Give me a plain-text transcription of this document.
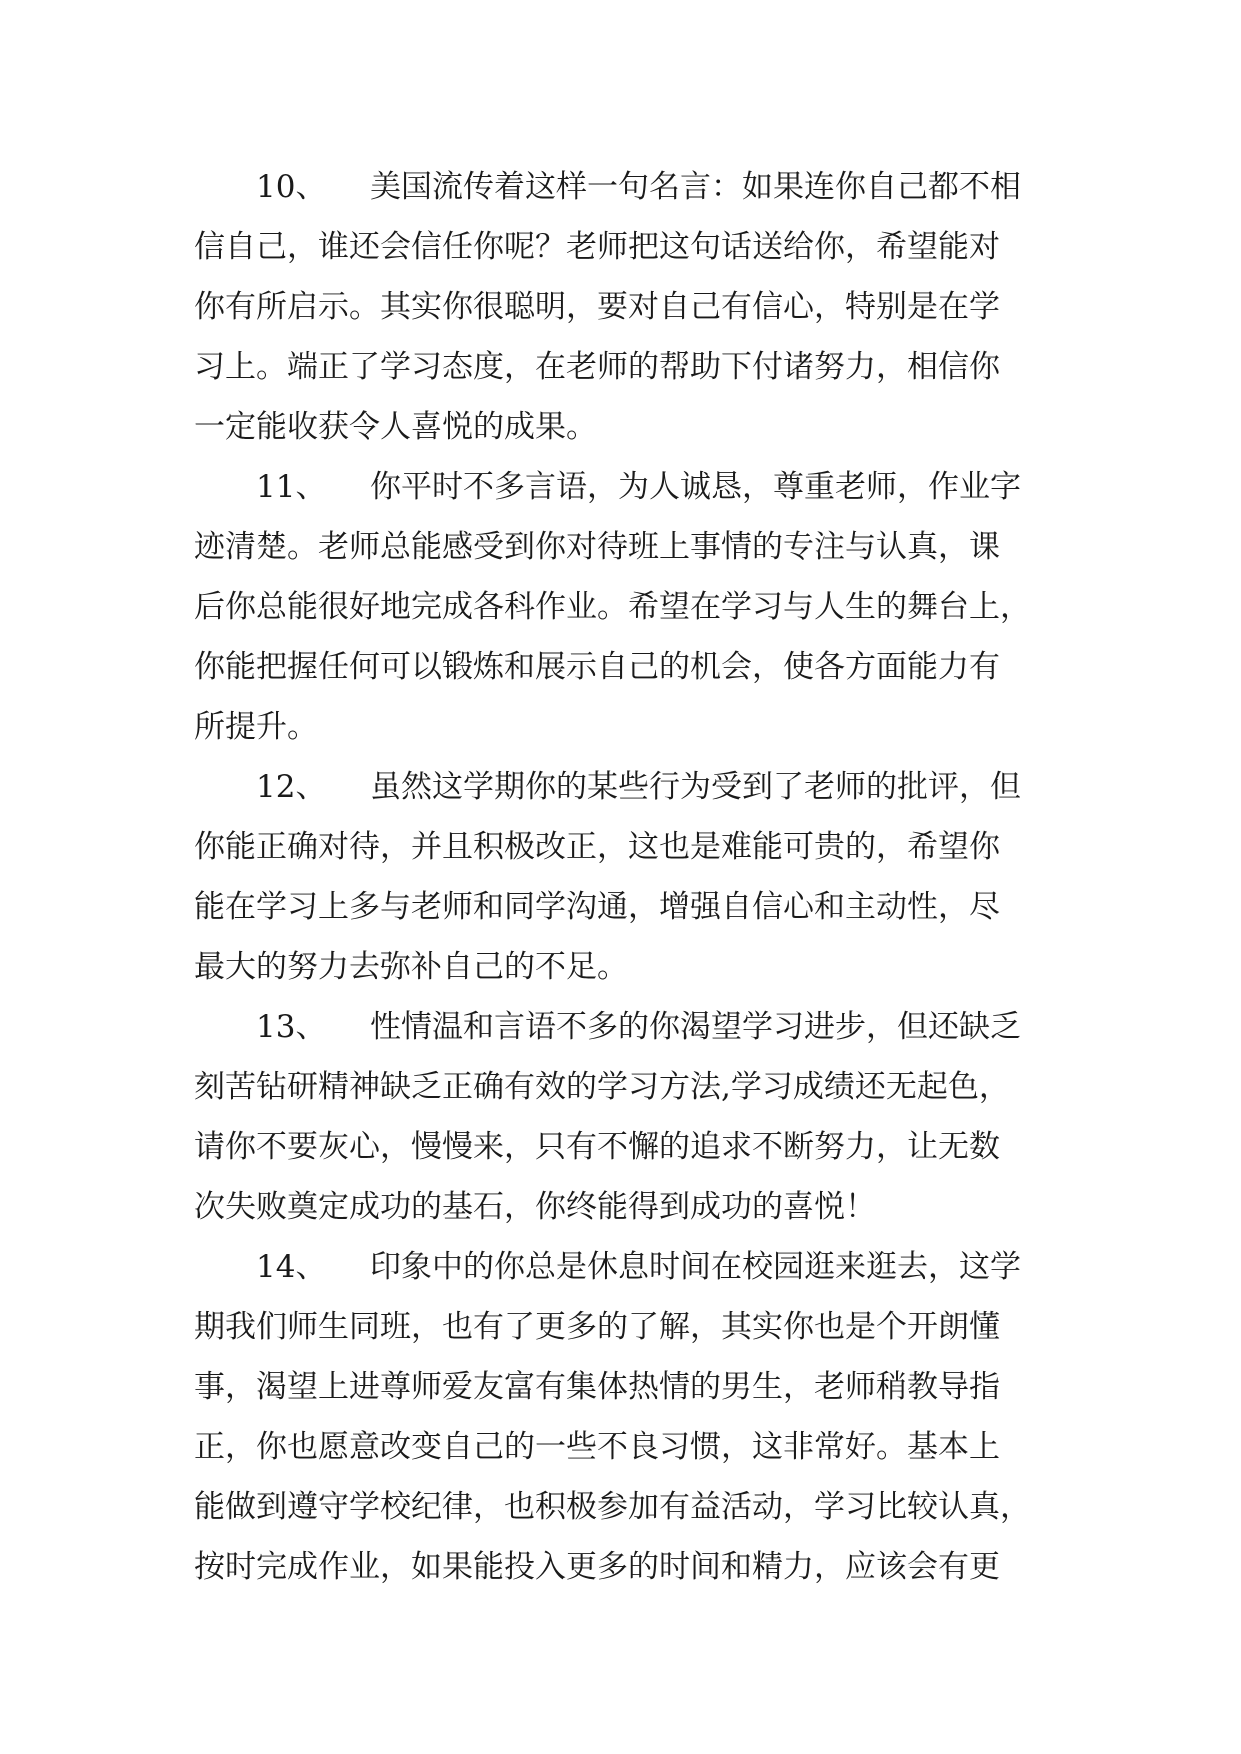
10、 美国流传着这样一句名言：如果连你自己都不相
信自己，谁还会信任你呢？老师把这句话送给你，希望能对
你有所启示。其实你很聪明，要对自己有信心，特别是在学
习上。端正了学习态度，在老师的帮助下付诸努力，相信你
一定能收获令人喜悦的成果。
11、 你平时不多言语，为人诚恳，尊重老师，作业字
迹清楚。老师总能感受到你对待班上事情的专注与认真，课
后你总能很好地完成各科作业。希望在学习与人生的舞台上，
你能把握任何可以锻炼和展示自己的机会，使各方面能力有
所提升。
12、 虽然这学期你的某些行为受到了老师的批评，但
你能正确对待，并且积极改正，这也是难能可贵的，希望你
能在学习上多与老师和同学沟通，增强自信心和主动性，尽
最大的努力去弥补自己的不足。
13、 性情温和言语不多的你渴望学习进步，但还缺乏
刻苦钻研精神缺乏正确有效的学习方法,学习成绩还无起色，
请你不要灰心，慢慢来，只有不懈的追求不断努力，让无数
次失败奠定成功的基石，你终能得到成功的喜悦！
14、 印象中的你总是休息时间在校园逛来逛去，这学
期我们师生同班，也有了更多的了解，其实你也是个开朗懂
事，渴望上进尊师爱友富有集体热情的男生，老师稍教导指
正，你也愿意改变自己的一些不良习惯，这非常好。基本上
能做到遵守学校纪律，也积极参加有益活动，学习比较认真，
按时完成作业，如果能投入更多的时间和精力，应该会有更
